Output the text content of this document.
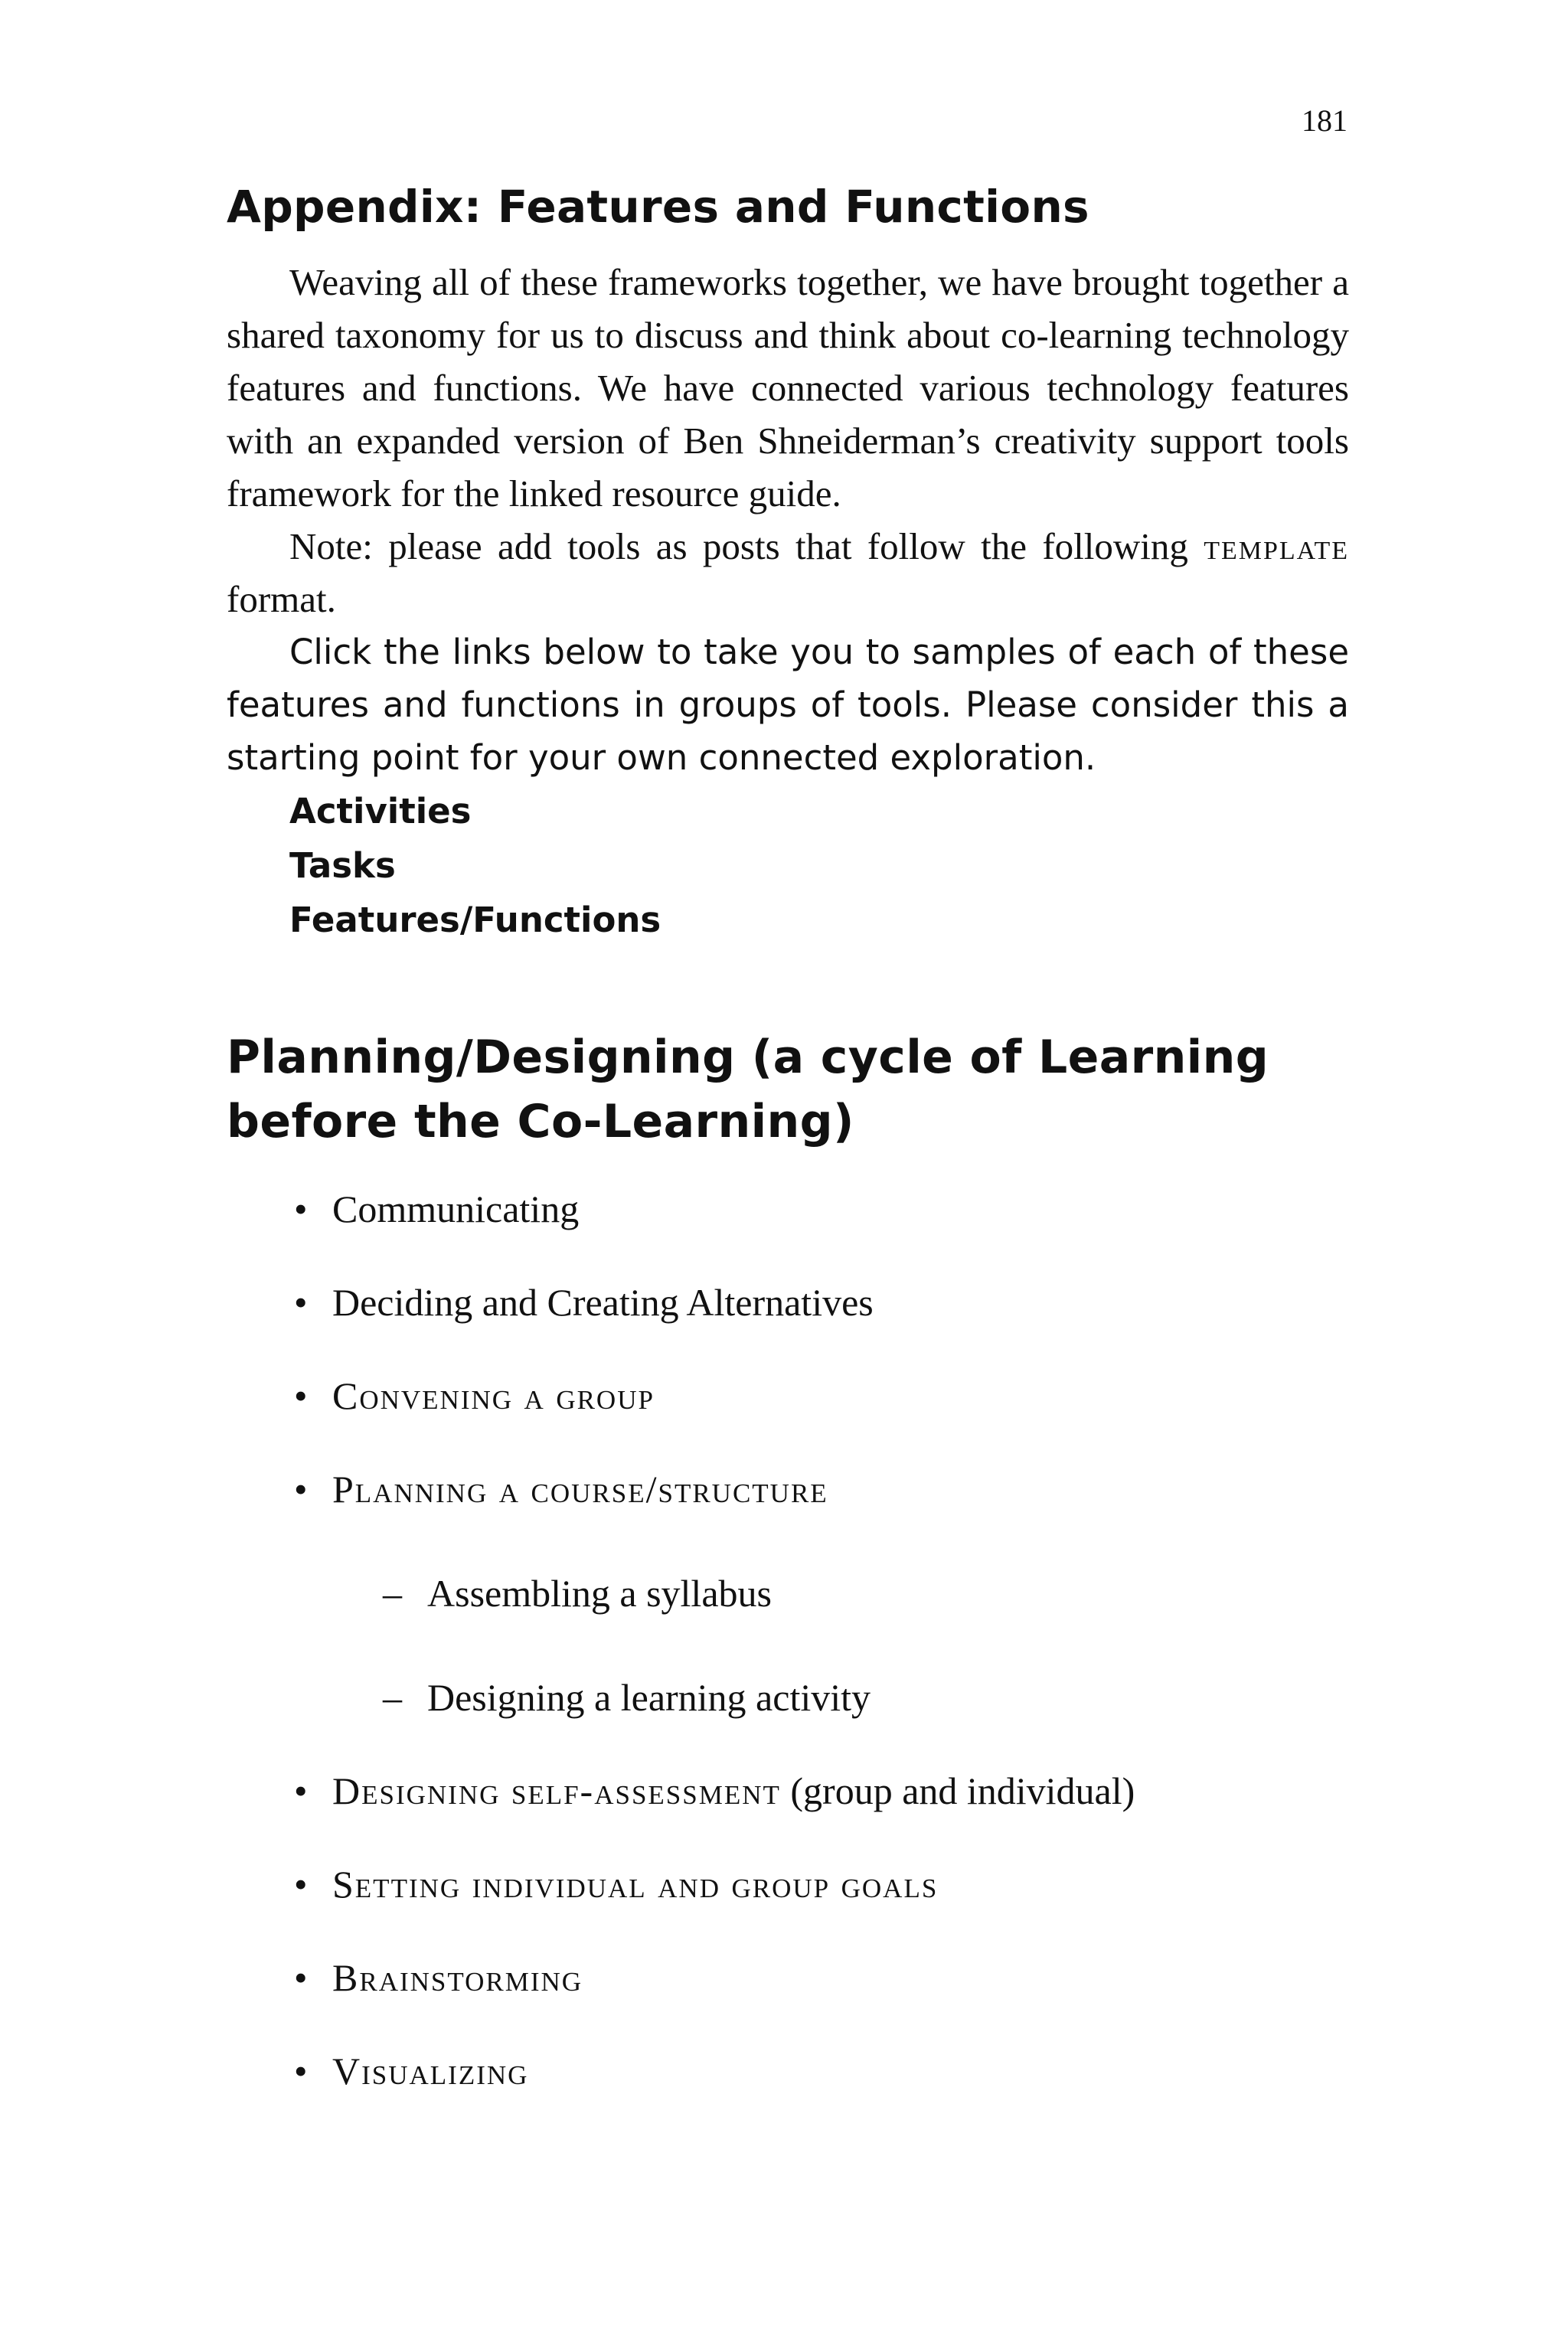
181
Appendix: Features and Functions

Weaving all of these frameworks together, we have brought together a shared taxonomy for us to discuss and think about co-learning technology features and functions. We have connected various technology features with an expanded version of Ben Shneiderman’s creativity support tools framework for the linked resource guide.

Note: please add tools as posts that follow the following template format.

Click the links below to take you to samples of each of these features and functions in groups of tools. Please consider this a starting point for your own connected exploration.

Activities
Tasks
Features/Functions
Planning/Designing (a cycle of Learning before the Co-Learning)
• Communicating
• Deciding and Creating Alternatives
• Convening a group
• Planning a course/structure
– Assembling a syllabus
– Designing a learning activity
• Designing self-assessment (group and individual)
• Setting individual and group goals
• Brainstorming
• Visualizing
